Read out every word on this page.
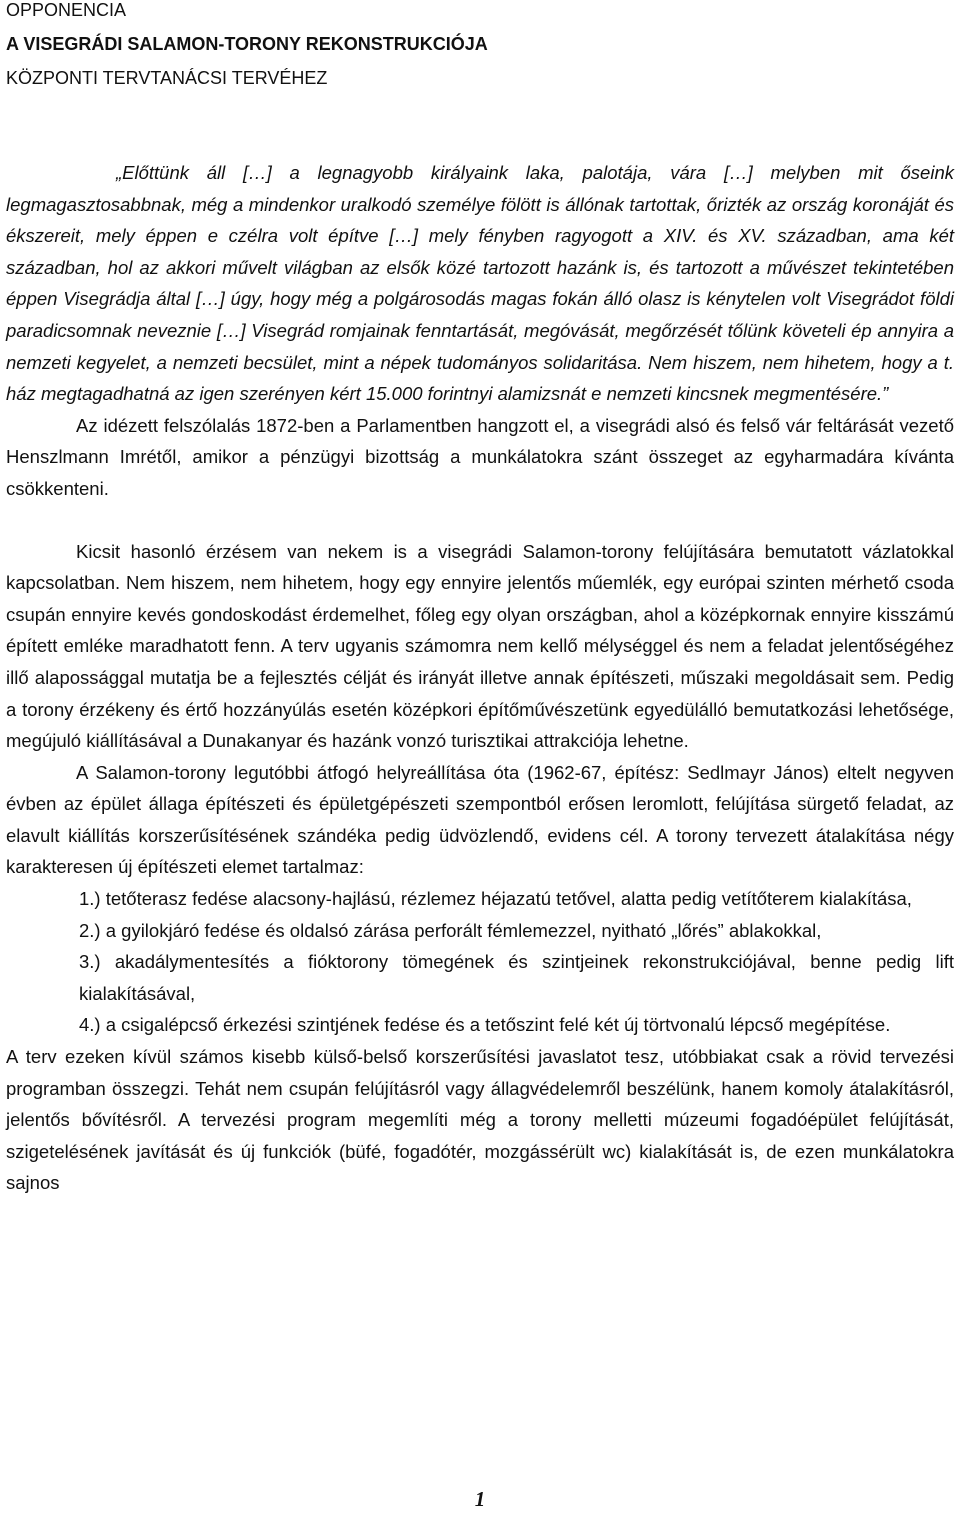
OPPONENCIA
A VISEGRÁDI SALAMON-TORONY REKONSTRUKCIÓJA
KÖZPONTI TERVTANÁCSI TERVÉHEZ

„Előttünk áll […] a legnagyobb királyaink laka, palotája, vára […] melyben mit őseink legmagasztosabbnak, még a mindenkor uralkodó személye fölött is állónak tartottak, őrizték az ország koronáját és ékszereit, mely éppen e czélra volt építve […] mely fényben ragyogott a XIV. és XV. században, ama két században, hol az akkori művelt világban az elsők közé tartozott hazánk is, és tartozott a művészet tekintetében éppen Visegrádja által […] úgy, hogy még a polgárosodás magas fokán álló olasz is kénytelen volt Visegrádot földi paradicsomnak neveznie […] Visegrád romjainak fenntartását, megóvását, megőrzését tőlünk követeli ép annyira a nemzeti kegyelet, a nemzeti becsület, mint a népek tudományos solidaritása. Nem hiszem, nem hihetem, hogy a t. ház megtagadhatná az igen szerényen kért 15.000 forintnyi alamizsnát e nemzeti kincsnek megmentésére.”

Az idézett felszólalás 1872-ben a Parlamentben hangzott el, a visegrádi alsó és felső vár feltárását vezető Henszlmann Imrétől, amikor a pénzügyi bizottság a munkálatokra szánt összeget az egyharmadára kívánta csökkenteni.

Kicsit hasonló érzésem van nekem is a visegrádi Salamon-torony felújítására bemutatott vázlatokkal kapcsolatban. Nem hiszem, nem hihetem, hogy egy ennyire jelentős műemlék, egy európai szinten mérhető csoda csupán ennyire kevés gondoskodást érdemelhet, főleg egy olyan országban, ahol a középkornak ennyire kisszámú épített emléke maradhatott fenn. A terv ugyanis számomra nem kellő mélységgel és nem a feladat jelentőségéhez illő alapossággal mutatja be a fejlesztés célját és irányát illetve annak építészeti, műszaki megoldásait sem. Pedig a torony érzékeny és értő hozzányúlás esetén középkori építőművészetünk egyedülálló bemutatkozási lehetősége, megújuló kiállításával a Dunakanyar és hazánk vonzó turisztikai attrakciója lehetne.

A Salamon-torony legutóbbi átfogó helyreállítása óta (1962-67, építész: Sedlmayr János) eltelt negyven évben az épület állaga építészeti és épületgépészeti szempontból erősen leromlott, felújítása sürgető feladat, az elavult kiállítás korszerűsítésének szándéka pedig üdvözlendő, evidens cél. A torony tervezett átalakítása négy karakteresen új építészeti elemet tartalmaz:

1.) tetőterasz fedése alacsony-hajlású, rézlemez héjazatú tetővel, alatta pedig vetítőterem kialakítása,
2.) a gyilokjáró fedése és oldalsó zárása perforált fémlemezzel, nyitható „lőrés” ablakokkal,
3.) akadálymentesítés a fióktorony tömegének és szintjeinek rekonstrukciójával, benne pedig lift kialakításával,
4.) a csigalépcső érkezési szintjének fedése és a tetőszint felé két új törtvonalú lépcső megépítése.

A terv ezeken kívül számos kisebb külső-belső korszerűsítési javaslatot tesz, utóbbiakat csak a rövid tervezési programban összegzi. Tehát nem csupán felújításról vagy állagvédelemről beszélünk, hanem komoly átalakításról, jelentős bővítésről. A tervezési program megemlíti még a torony melletti múzeumi fogadóépület felújítását, szigetelésének javítását és új funkciók (büfé, fogadótér, mozgássérült wc) kialakítását is, de ezen munkálatokra sajnos

1
